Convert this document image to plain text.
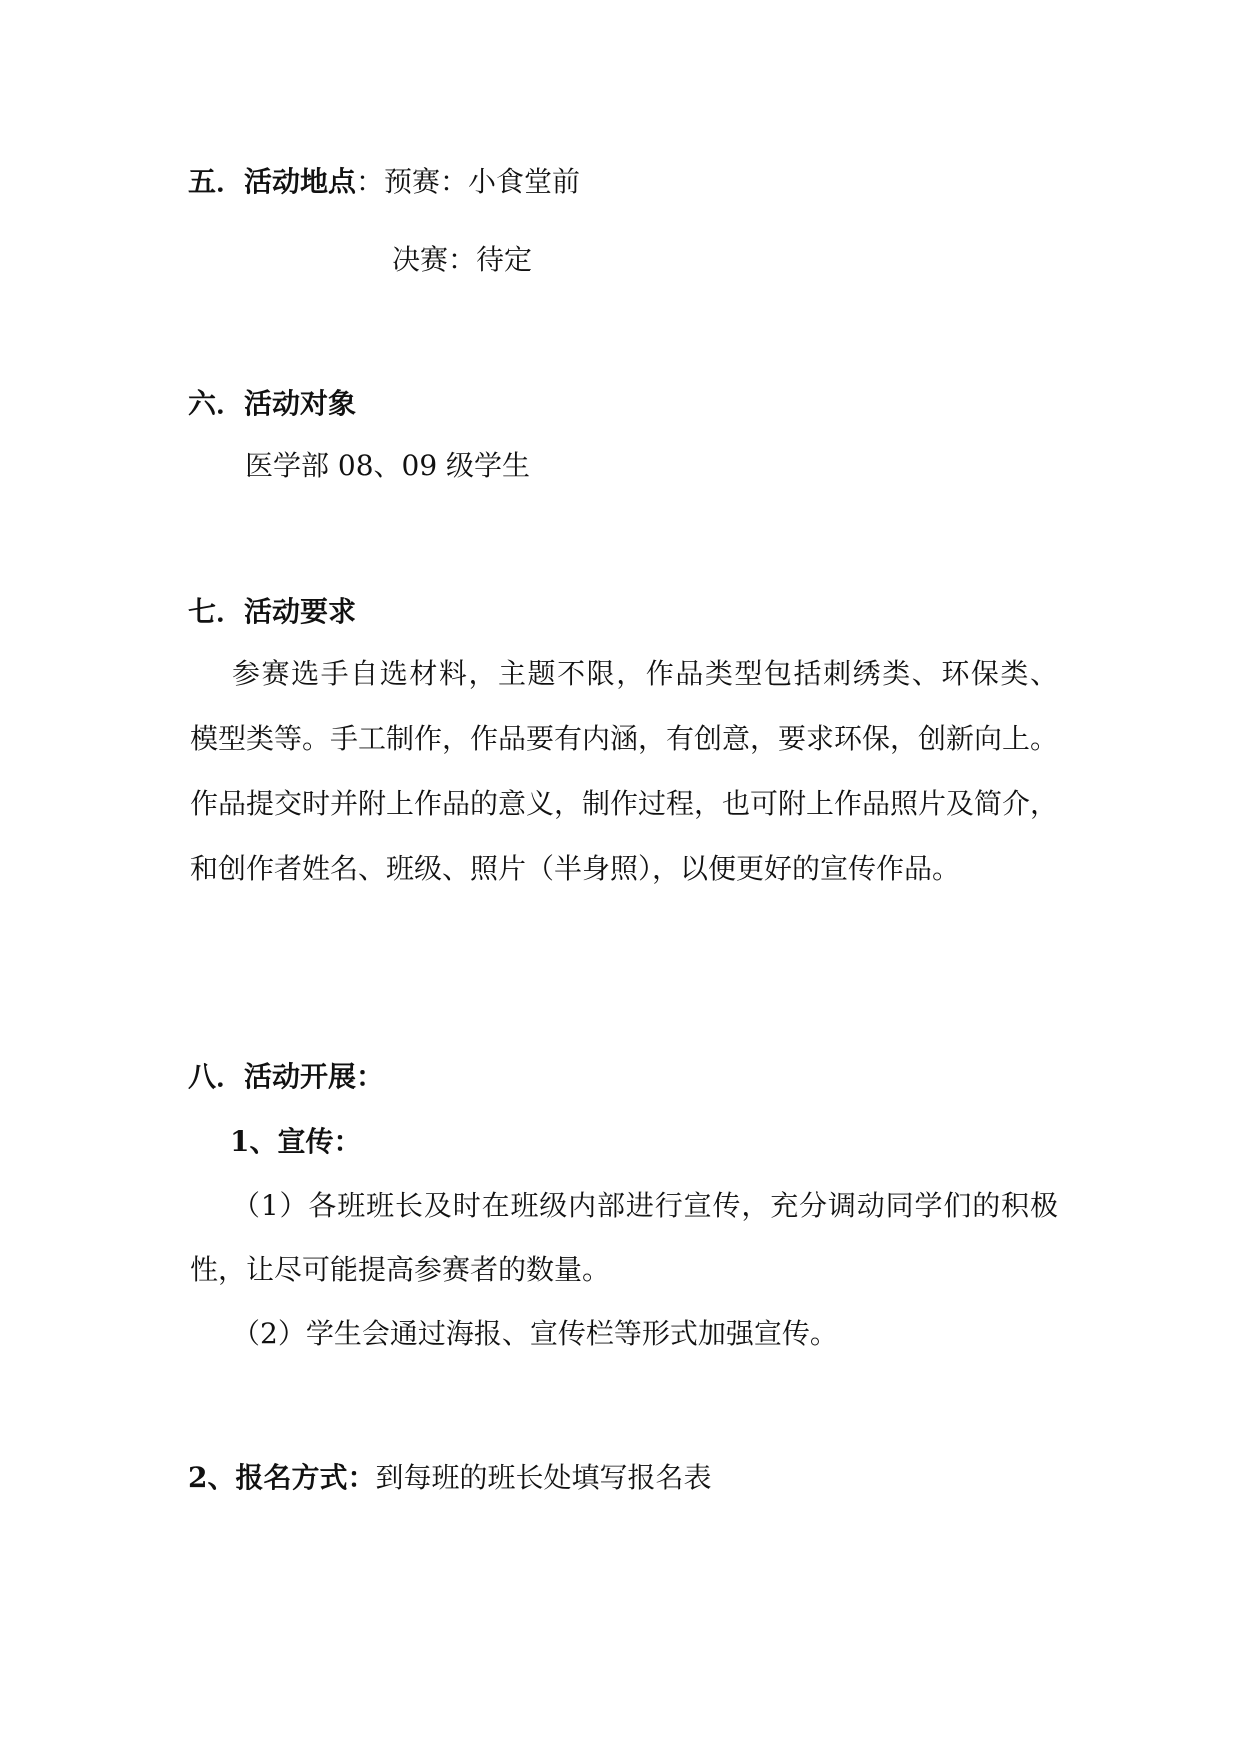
五．活动地点：预赛：小食堂前
决赛：待定
六．活动对象
医学部 08、09 级学生
七．活动要求
参赛选手自选材料，主题不限，作品类型包括刺绣类、环保类、
模型类等。手工制作，作品要有内涵，有创意，要求环保，创新向上。
作品提交时并附上作品的意义，制作过程，也可附上作品照片及简介，
和创作者姓名、班级、照片（半身照），以便更好的宣传作品。
八．活动开展：
1、宣传：
（1）各班班长及时在班级内部进行宣传，充分调动同学们的积极
性，让尽可能提高参赛者的数量。
（2）学生会通过海报、宣传栏等形式加强宣传。
2、报名方式：到每班的班长处填写报名表
